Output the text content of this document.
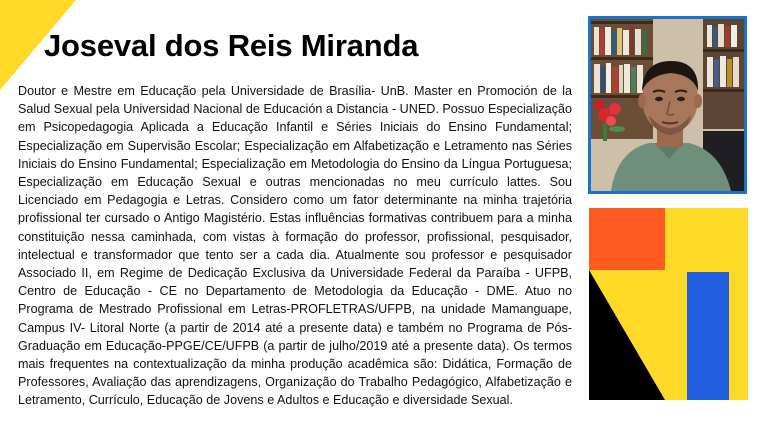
Joseval dos Reis Miranda
Doutor e Mestre em Educação pela Universidade de Brasília- UnB. Master en Promoción de la Salud Sexual pela Universidad Nacional de Educación a Distancia - UNED. Possuo Especialização em Psicopedagogia Aplicada a Educação Infantil e Séries Iniciais do Ensino Fundamental; Especialização em Supervisão Escolar; Especialização em Alfabetização e Letramento nas Séries Iniciais do Ensino Fundamental; Especialização em Metodologia do Ensino da Língua Portuguesa; Especialização em Educação Sexual e outras mencionadas no meu currículo lattes. Sou Licenciado em Pedagogia e Letras. Considero como um fator determinante na minha trajetória profissional ter cursado o Antigo Magistério. Estas influências formativas contribuem para a minha constituição nessa caminhada, com vistas à formação do professor, profissional, pesquisador, intelectual e transformador que tento ser a cada dia. Atualmente sou professor e pesquisador Associado II, em Regime de Dedicação Exclusiva da Universidade Federal da Paraíba - UFPB, Centro de Educação - CE no Departamento de Metodologia da Educação - DME. Atuo no Programa de Mestrado Profissional em Letras-PROFLETRAS/UFPB, na unidade Mamanguape, Campus IV- Litoral Norte (a partir de 2014 até a presente data) e também no Programa de Pós-Graduação em Educação-PPGE/CE/UFPB (a partir de julho/2019 até a presente data). Os termos mais frequentes na contextualização da minha produção acadêmica são: Didática, Formação de Professores, Avaliação das aprendizagens, Organização do Trabalho Pedagógico, Alfabetização e Letramento, Currículo, Educação de Jovens e Adultos e Educação e diversidade Sexual.
